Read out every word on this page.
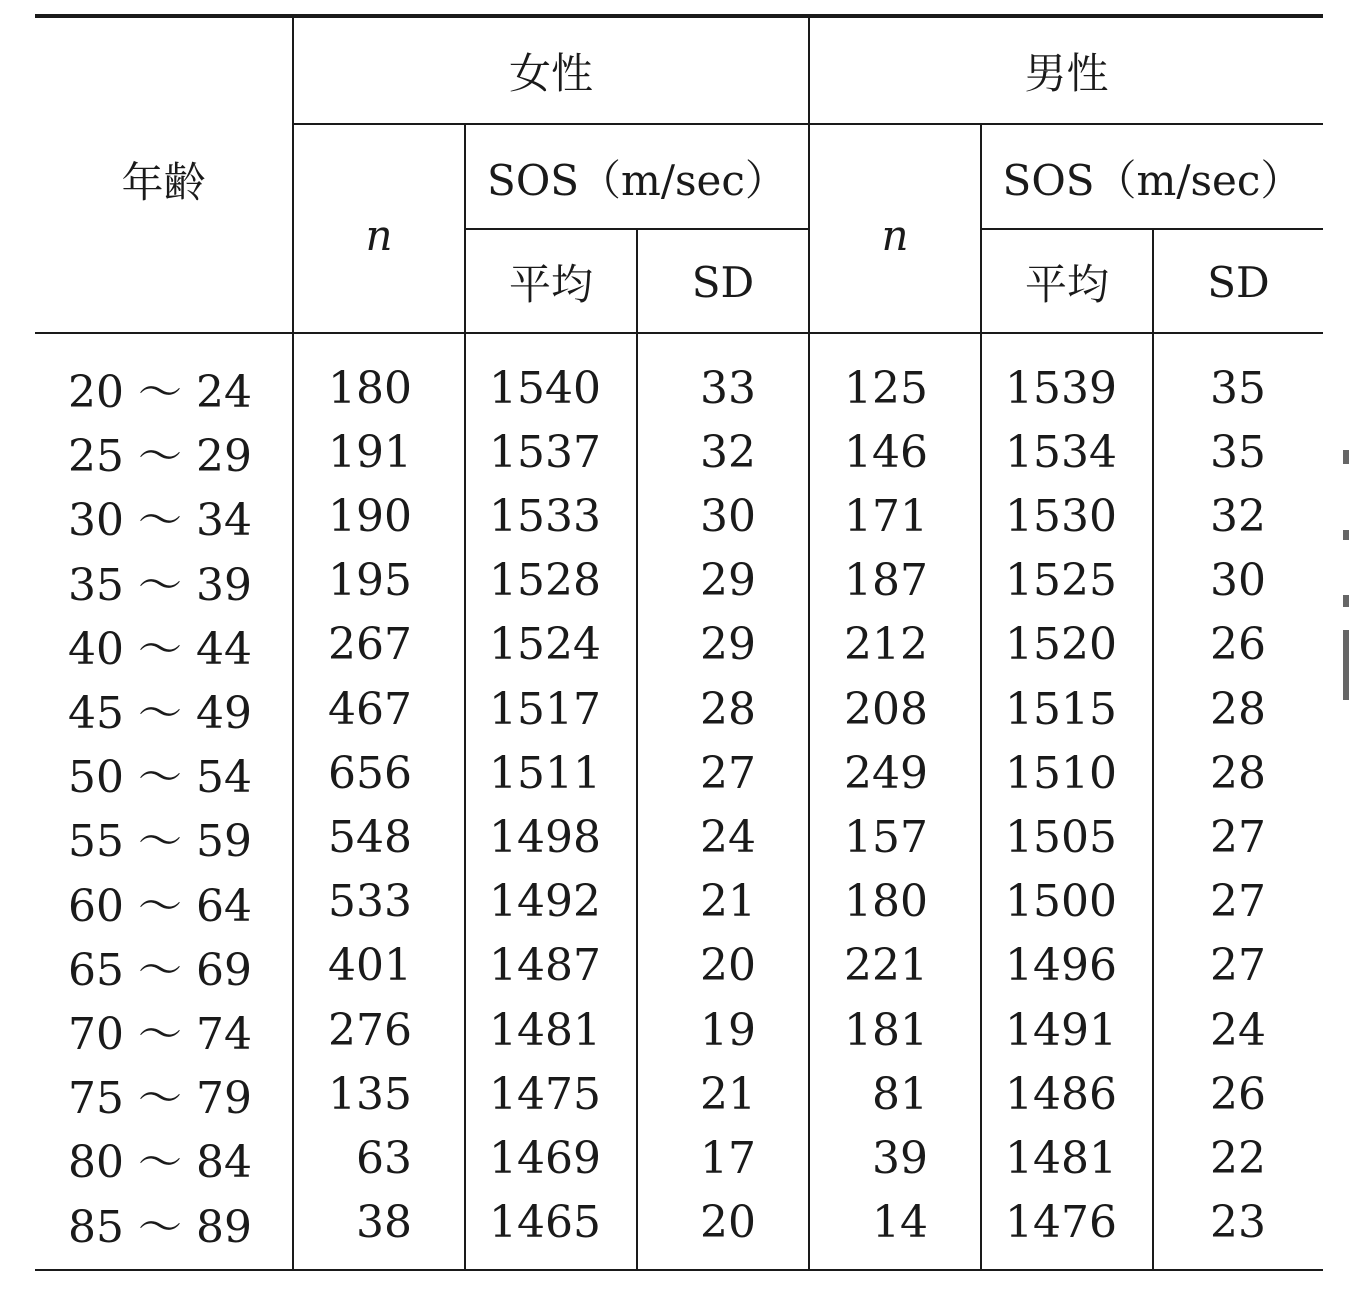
年齢
女性	男性
n	n
SOS（m/sec）	SOS（m/sec）
平均	SD	平均	SD
20 〜 24	180	1540	33	125	1539	35
25 〜 29	191	1537	32	146	1534	35
30 〜 34	190	1533	30	171	1530	32
35 〜 39	195	1528	29	187	1525	30
40 〜 44	267	1524	29	212	1520	26
45 〜 49	467	1517	28	208	1515	28
50 〜 54	656	1511	27	249	1510	28
55 〜 59	548	1498	24	157	1505	27
60 〜 64	533	1492	21	180	1500	27
65 〜 69	401	1487	20	221	1496	27
70 〜 74	276	1481	19	181	1491	24
75 〜 79	135	1475	21	81	1486	26
80 〜 84	63	1469	17	39	1481	22
85 〜 89	38	1465	20	14	1476	23
